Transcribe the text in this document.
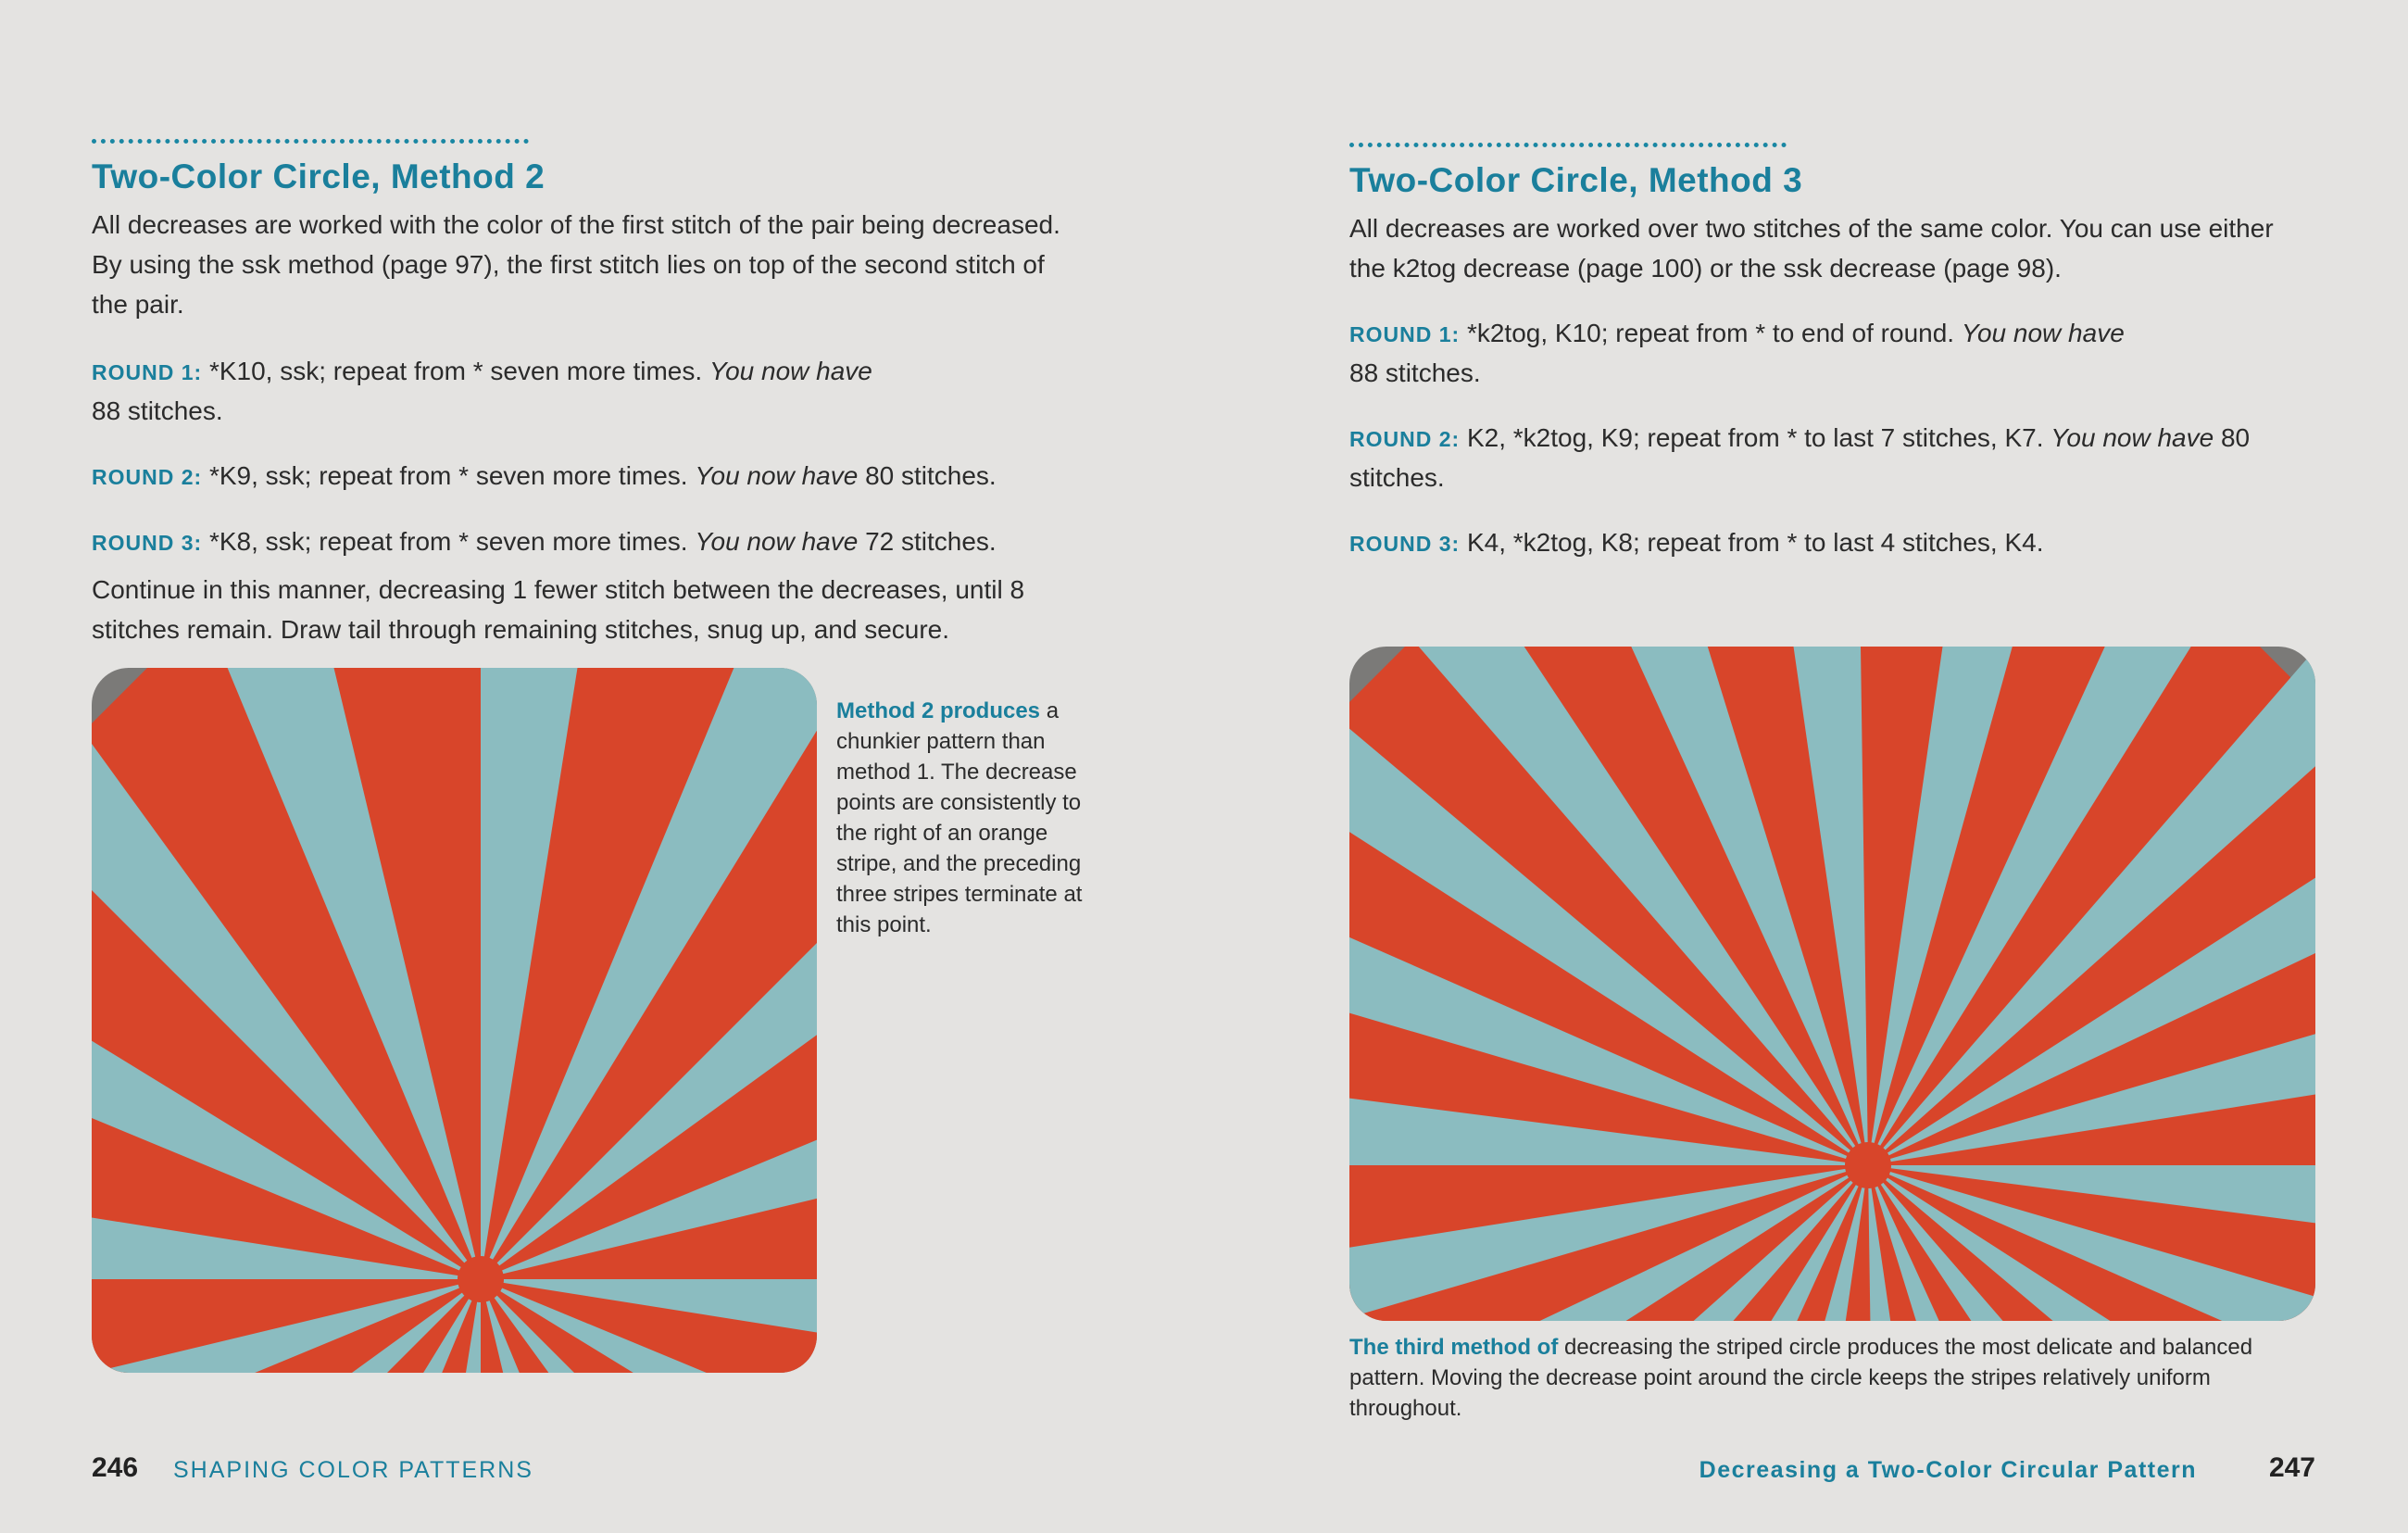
Two-Color Circle, Method 2
All decreases are worked with the color of the first stitch of the pair being decreased. By using the ssk method (page 97), the first stitch lies on top of the second stitch of the pair.
ROUND 1: *K10, ssk; repeat from * seven more times. You now have
88 stitches.
ROUND 2: *K9, ssk; repeat from * seven more times. You now have 80 stitches.
ROUND 3: *K8, ssk; repeat from * seven more times. You now have 72 stitches.
Continue in this manner, decreasing 1 fewer stitch between the decreases, until 8 stitches remain. Draw tail through remaining stitches, snug up, and secure.
Method 2 produces a chunkier pattern than method 1. The decrease points are consistently to the right of an orange stripe, and the preceding three stripes terminate at this point.
246 SHAPING COLOR PATTERNS
Two-Color Circle, Method 3
All decreases are worked over two stitches of the same color. You can use either the k2tog decrease (page 100) or the ssk decrease (page 98).
ROUND 1: *k2tog, K10; repeat from * to end of round. You now have
88 stitches.
ROUND 2: K2, *k2tog, K9; repeat from * to last 7 stitches, K7. You now have 80 stitches.
ROUND 3: K4, *k2tog, K8; repeat from * to last 4 stitches, K4.
The third method of decreasing the striped circle produces the most delicate and balanced pattern. Moving the decrease point around the circle keeps the stripes relatively uniform throughout.
Decreasing a Two-Color Circular Pattern	247
